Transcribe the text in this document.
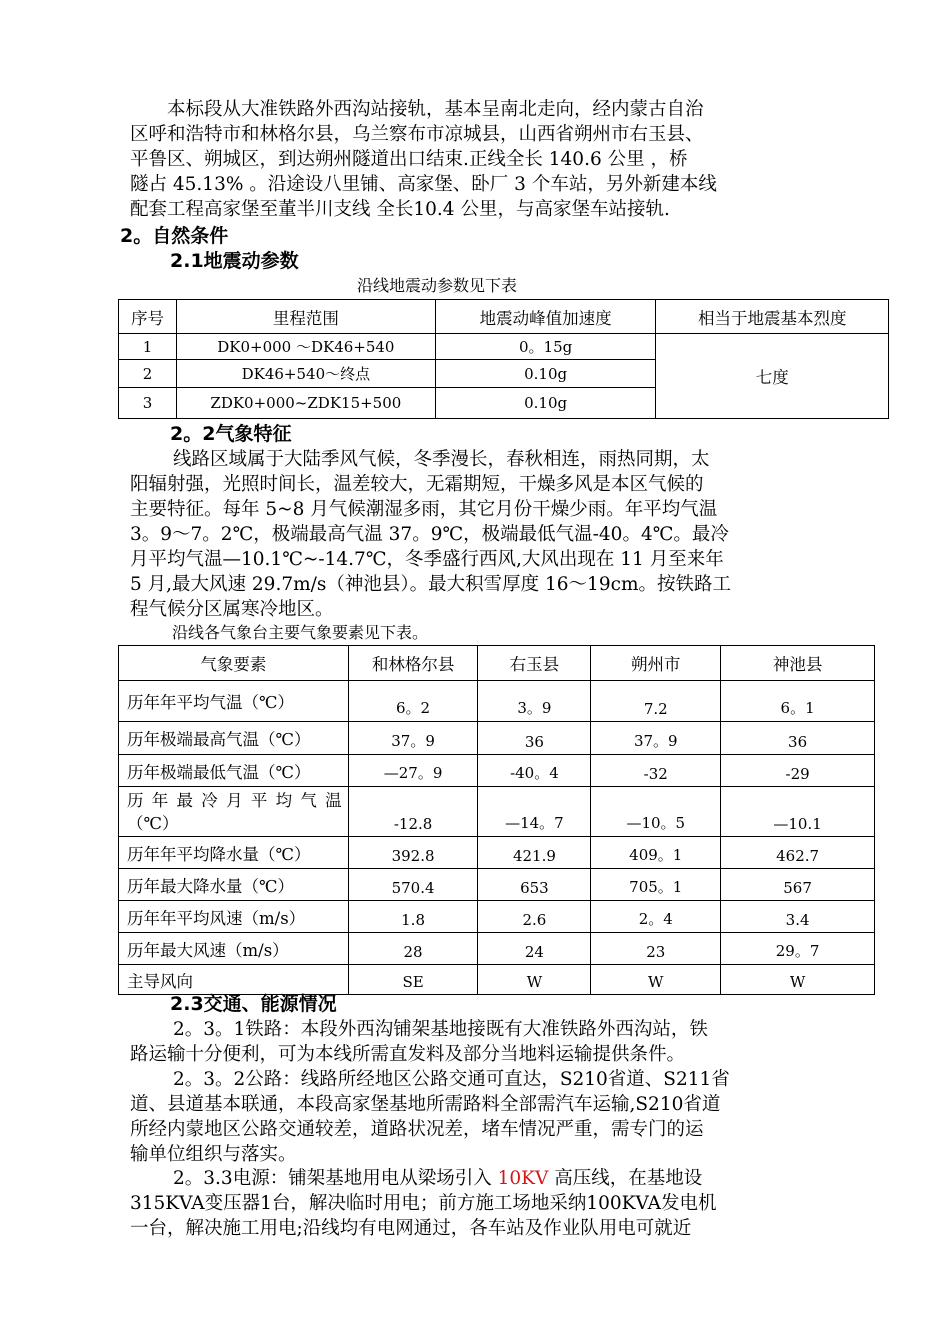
本标段从大准铁路外西沟站接轨，基本呈南北走向，经内蒙古自治
区呼和浩特市和林格尔县，乌兰察布市凉城县，山西省朔州市右玉县、
平鲁区、朔城区，到达朔州隧道出口结束.正线全长 140.6 公里 ，桥
隧占 45.13% 。沿途设八里铺、高家堡、卧厂 3 个车站，另外新建本线
配套工程高家堡至董半川支线 全长10.4 公里，与高家堡车站接轨.
2。自然条件
2.1地震动参数
沿线地震动参数见下表
序号	里程范围	地震动峰值加速度	相当于地震基本烈度
1	DK0+000 ～DK46+540	0。15g	七度
2	DK46+540～终点	0.10g	
3	ZDK0+000~ZDK15+500	0.10g	
2。2气象特征
线路区域属于大陆季风气候，冬季漫长，春秋相连，雨热同期，太
阳辐射强，光照时间长，温差较大，无霜期短，干燥多风是本区气候的
主要特征。每年 5~8 月气候潮湿多雨，其它月份干燥少雨。年平均气温
3。9～7。2℃，极端最高气温 37。9℃，极端最低气温-40。4℃。最冷
月平均气温—10.1℃~-14.7℃，冬季盛行西风,大风出现在 11 月至来年
5 月,最大风速 29.7m/s（神池县）。最大积雪厚度 16～19cm。按铁路工
程气候分区属寒冷地区。
沿线各气象台主要气象要素见下表。
气象要素	和林格尔县	右玉县	朔州市	神池县
历年年平均气温（℃）	6。2	3。9	7.2	6。1
历年极端最高气温（℃）	37。9	36	37。9	36
历年极端最低气温（℃）	—27。9	-40。4	-32	-29
历 年 最 冷 月 平 均 气 温（℃）	-12.8	—14。7	—10。5	—10.1
历年年平均降水量（℃）	392.8	421.9	409。1	462.7
历年最大降水量（℃）	570.4	653	705。1	567
历年年平均风速（m/s）	1.8	2.6	2。4	3.4
历年最大风速（m/s）	28	24	23	29。7
主导风向	SE	W	W	W
2.3交通、能源情况
2。3。1铁路：本段外西沟铺架基地接既有大准铁路外西沟站，铁
路运输十分便利，可为本线所需直发料及部分当地料运输提供条件。
2。3。2公路：线路所经地区公路交通可直达，S210省道、S211省
道、县道基本联通，本段高家堡基地所需路料全部需汽车运输,S210省道
所经内蒙地区公路交通较差，道路状况差，堵车情况严重，需专门的运
输单位组织与落实。
2。3.3电源：铺架基地用电从梁场引入 10KV 高压线，在基地设
315KVA变压器1台，解决临时用电；前方施工场地采纳100KVA发电机
一台，解决施工用电;沿线均有电网通过，各车站及作业队用电可就近
